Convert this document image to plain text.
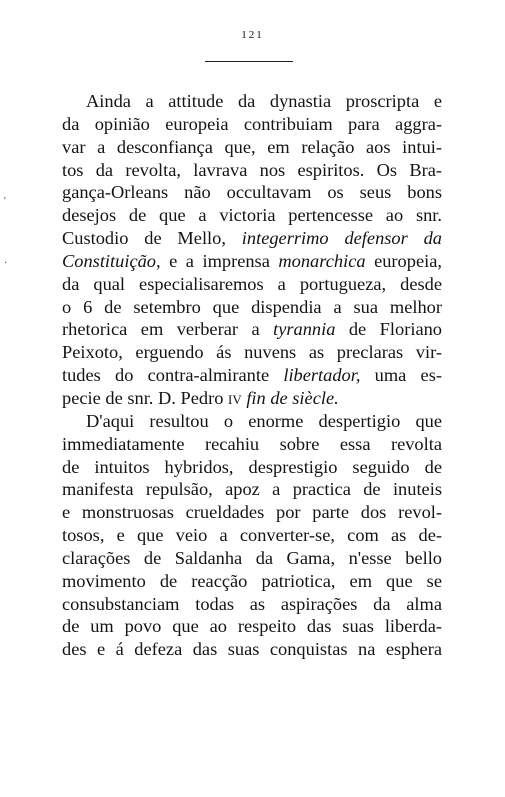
121
Ainda a attitude da dynastia proscripta e
da opinião europeia contribuiam para aggra-
var a desconfiança que, em relação aos intui-
tos da revolta, lavrava nos espiritos. Os Bra-
gança-Orleans não occultavam os seus bons
desejos de que a victoria pertencesse ao snr.
Custodio de Mello, integerrimo defensor da
Constituição, e a imprensa monarchica europeia,
da qual especialisaremos a portugueza, desde
o 6 de setembro que dispendia a sua melhor
rhetorica em verberar a tyrannia de Floriano
Peixoto, erguendo ás nuvens as preclaras vir-
tudes do contra-almirante libertador, uma es-
pecie de snr. D. Pedro iv fin de siècle.
D'aqui resultou o enorme despertigio que
immediatamente recahiu sobre essa revolta
de intuitos hybridos, desprestigio seguido de
manifesta repulsão, apoz a practica de inuteis
e monstruosas crueldades por parte dos revol-
tosos, e que veio a converter-se, com as de-
clarações de Saldanha da Gama, n'esse bello
movimento de reacção patriotica, em que se
consubstanciam todas as aspirações da alma
de um povo que ao respeito das suas liberda-
des e á defeza das suas conquistas na esphera
'
·
